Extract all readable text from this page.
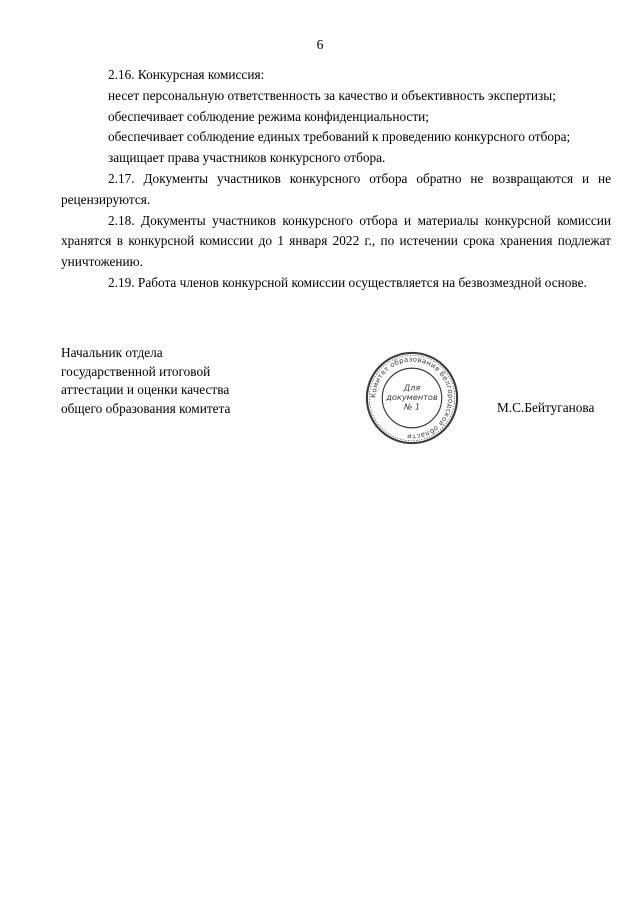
6

2.16. Конкурсная комиссия:

несет персональную ответственность за качество и объективность экспертизы;

обеспечивает соблюдение режима конфиденциальности;

обеспечивает соблюдение единых требований к проведению конкурсного отбора;

защищает права участников конкурсного отбора.

2.17. Документы участников конкурсного отбора обратно не возвращаются и не рецензируются.

2.18. Документы участников конкурсного отбора и материалы конкурсной комиссии хранятся в конкурсной комиссии до 1 января 2022 г., по истечении срока хранения подлежат уничтожению.

2.19. Работа членов конкурсной комиссии осуществляется на безвозмездной основе.

Начальник отдела
государственной итоговой
аттестации и оценки качества
общего образования комитета
Комитет образования Белгородской области
Для
документов
№ 1	М.С.Бейтуганова
